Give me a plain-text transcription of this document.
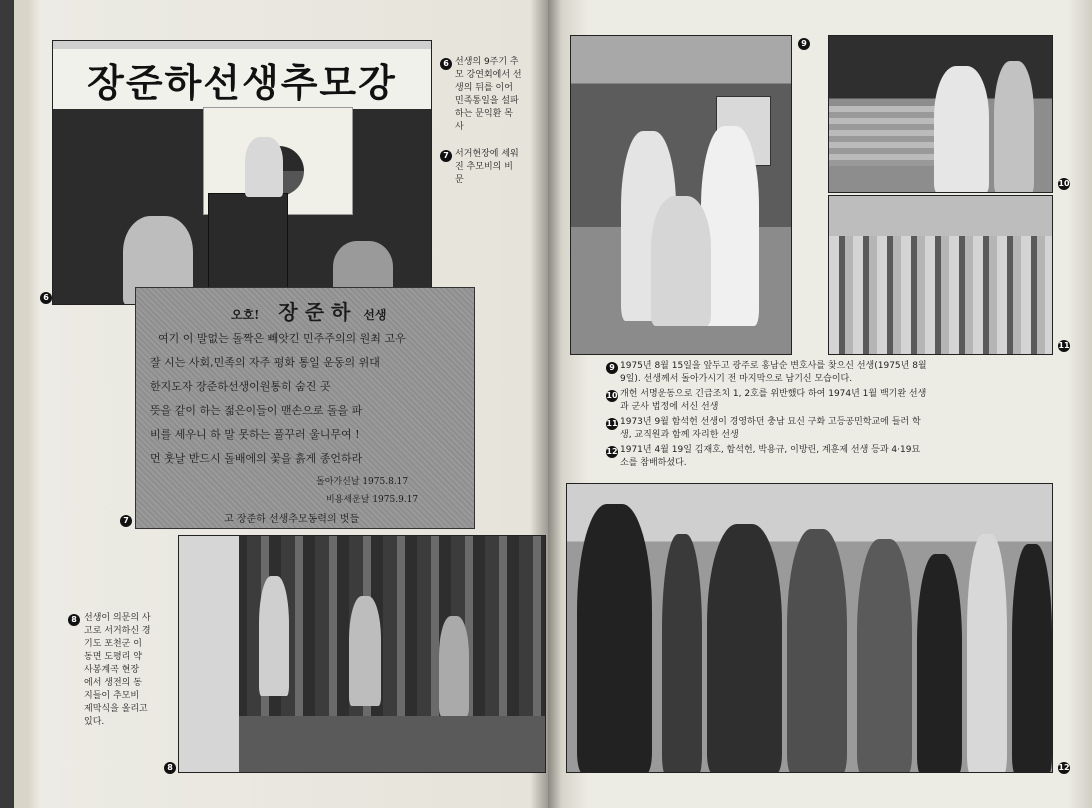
장준하선생추모강
6
6 선생의 9주기 추
모 강연회에서 선
생의 뒤를 이어
민족통일을 설파
하는 문익환 목
사
7 서거현장에 세워
진 추모비의 비
문
오호! 장 준 하 선생
여기 이 말없는 돌짝은 빼앗긴 민주주의의 원최 고우
잘 시는 사회,민족의 자주 평화 통일 운동의 위대
한지도자 장준하선생이원통히 숨진 곳
뜻을 같이 하는 젊은이들이 맨손으로 돌을 파
비를 세우니 하 말 못하는 풀꾸러 울니무여 !
먼 훗날 반드시 돌배에의 꽃을 흙게 종언하라
돌아가신날 1975.8.17
비용세운날 1975.9.17
고 장준하 선생추모동력의 벗들
7
8
8 선생이 의문의 사
고로 서거하신 경
기도 포천군 이
동면 도평리 약
사봉계곡 현장
에서 생전의 동
지들이 추모비
제막식을 올리고
있다.
9
10
11
9 1975년 8월 15일을 앞두고 광주로 홍남순 변호사를 찾으신 선생(1975년 8월
9일). 선생께서 돌아가시기 전 마지막으로 남기신 모습이다.
10 개헌 서명운동으로 긴급조치 1, 2호를 위반했다 하여 1974년 1월 백기완 선생
과 군사 법정에 서신 선생
11 1973년 9월 함석헌 선생이 경영하던 충남 묘신 구화 고등공민학교에 들러 학
생, 교직원과 함께 자리한 선생
12 1971년 4월 19일 김재호, 함석헌, 박용규, 이방린, 계훈제 선생 등과 4·19묘
소를 참배하셨다.
12
